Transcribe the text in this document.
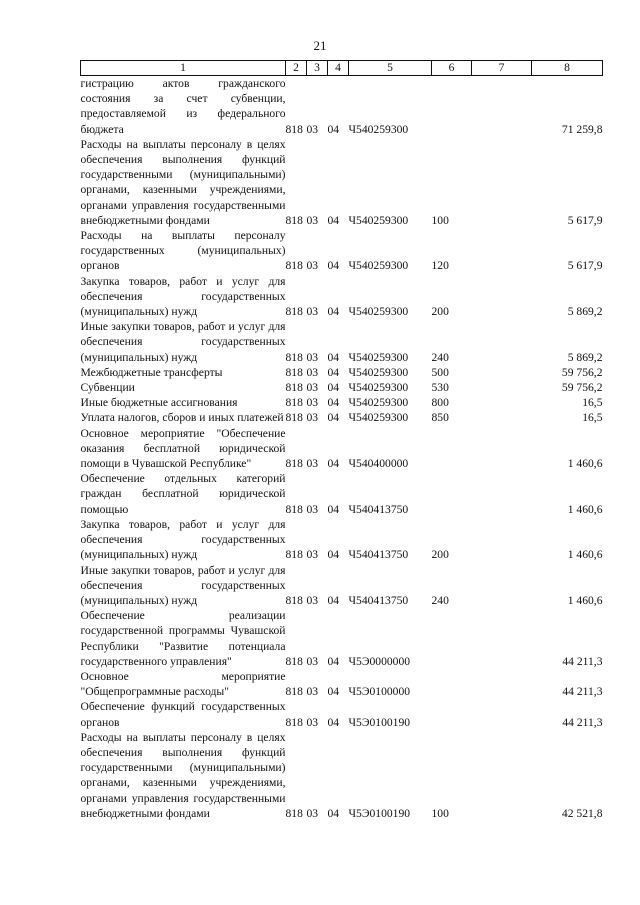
21
1	2	3	4	5	6	7	8
гистрацию актов гражданского состояния за счет субвенции, предоставляемой из федерального бюджета	818	03	04	Ч540259300			71 259,8
Расходы на выплаты персоналу в целях обеспечения выполнения функций государственными (муниципальными) органами, казенными учреждениями, органами управления государственными внебюджетными фондами	818	03	04	Ч540259300	100		5 617,9
Расходы на выплаты персоналу государственных (муниципальных) органов	818	03	04	Ч540259300	120		5 617,9
Закупка товаров, работ и услуг для обеспечения государственных (муниципальных) нужд	818	03	04	Ч540259300	200		5 869,2
Иные закупки товаров, работ и услуг для обеспечения государственных (муниципальных) нужд	818	03	04	Ч540259300	240		5 869,2
Межбюджетные трансферты	818	03	04	Ч540259300	500		59 756,2
Субвенции	818	03	04	Ч540259300	530		59 756,2
Иные бюджетные ассигнования	818	03	04	Ч540259300	800		16,5
Уплата налогов, сборов и иных платежей	818	03	04	Ч540259300	850		16,5
Основное мероприятие "Обеспечение оказания бесплатной юридической помощи в Чувашской Республике"	818	03	04	Ч540400000			1 460,6
Обеспечение отдельных категорий граждан бесплатной юридической помощью	818	03	04	Ч540413750			1 460,6
Закупка товаров, работ и услуг для обеспечения государственных (муниципальных) нужд	818	03	04	Ч540413750	200		1 460,6
Иные закупки товаров, работ и услуг для обеспечения государственных (муниципальных) нужд	818	03	04	Ч540413750	240		1 460,6
Обеспечение реализации государственной программы Чувашской Республики "Развитие потенциала государственного управления"	818	03	04	Ч5Э0000000			44 211,3
Основное мероприятие "Общепрограммные расходы"	818	03	04	Ч5Э0100000			44 211,3
Обеспечение функций государственных органов	818	03	04	Ч5Э0100190			44 211,3
Расходы на выплаты персоналу в целях обеспечения выполнения функций государственными (муниципальными) органами, казенными учреждениями, органами управления государственными внебюджетными фондами	818	03	04	Ч5Э0100190	100		42 521,8
